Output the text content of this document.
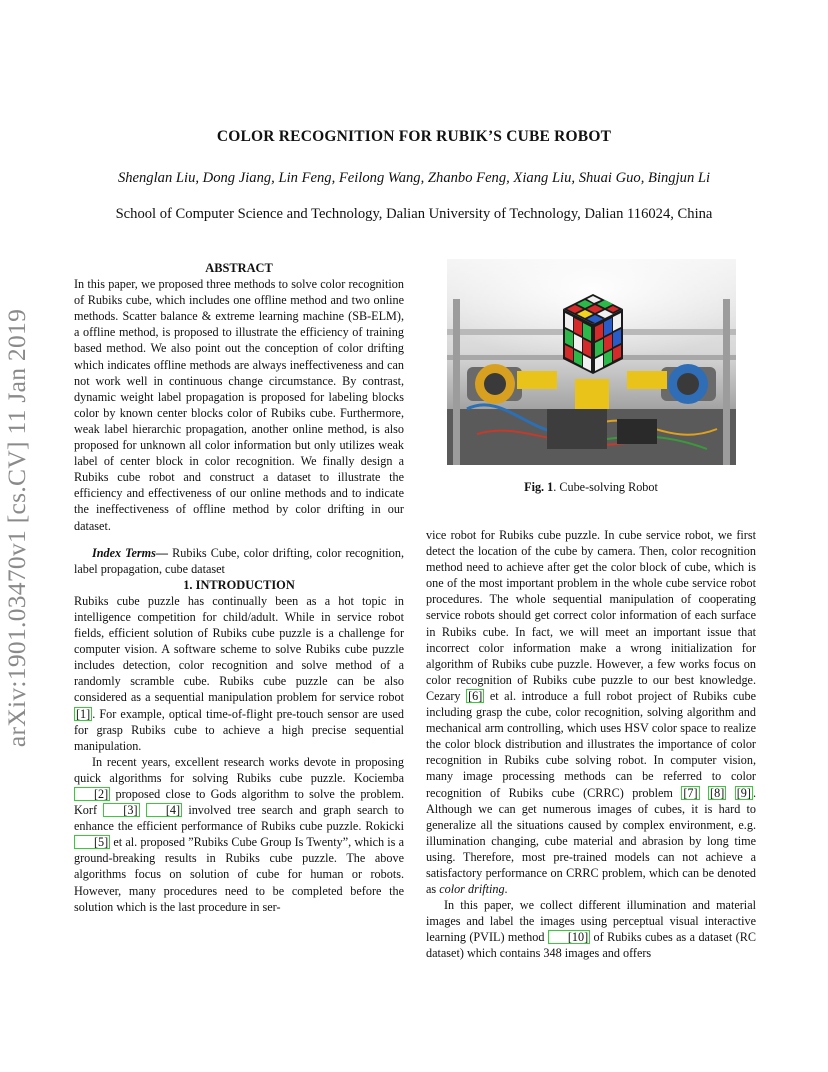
arXiv:1901.03470v1 [cs.CV] 11 Jan 2019
COLOR RECOGNITION FOR RUBIK’S CUBE ROBOT
Shenglan Liu, Dong Jiang, Lin Feng, Feilong Wang, Zhanbo Feng, Xiang Liu, Shuai Guo, Bingjun Li
School of Computer Science and Technology, Dalian University of Technology, Dalian 116024, China

ABSTRACT

In this paper, we proposed three methods to solve color recognition of Rubiks cube, which includes one offline method and two online methods. Scatter balance & extreme learning machine (SB-ELM), a offline method, is proposed to illustrate the efficiency of training based method. We also point out the conception of color drifting which indicates offline methods are always ineffectiveness and can not work well in continuous change circumstance. By contrast, dynamic weight label propagation is proposed for labeling blocks color by known center blocks color of Rubiks cube. Furthermore, weak label hierarchic propagation, another online method, is also proposed for unknown all color information but only utilizes weak label of center block in color recognition. We finally design a Rubiks cube robot and construct a dataset to illustrate the efficiency and effectiveness of our online methods and to indicate the ineffectiveness of offline method by color drifting in our dataset.

Index Terms— Rubiks Cube, color drifting, color recognition, label propagation, cube dataset

1. INTRODUCTION

Rubiks cube puzzle has continually been as a hot topic in intelligence competition for child/adult. While in service robot fields, efficient solution of Rubiks cube puzzle is a challenge for computer vision. A software scheme to solve Rubiks cube puzzle includes detection, color recognition and solve method of a randomly scramble cube. Rubiks cube puzzle can be also considered as a sequential manipulation problem for service robot [1] . For example, optical time-of-flight pre-touch sensor are used for grasp Rubiks cube to achieve a high precise sequential manipulation.

In recent years, excellent research works devote in proposing quick algorithms for solving Rubiks cube puzzle. Kociemba [2] proposed close to Gods algorithm to solve the problem. Korf [3] [4] involved tree search and graph search to enhance the efficient performance of Rubiks cube puzzle. Rokicki [5] et al. proposed ”Rubiks Cube Group Is Twenty”, which is a ground-breaking results in Rubiks cube puzzle. The above algorithms focus on solution of cube for human or robots. However, many procedures need to be completed before the solution which is the last procedure in ser-

Fig. 1. Cube-solving Robot

vice robot for Rubiks cube puzzle. In cube service robot, we first detect the location of the cube by camera. Then, color recognition method need to achieve after get the color block of cube, which is one of the most important problem in the whole cube service robot procedures. The whole sequential manipulation of cooperating service robots should get correct color information of each surface in Rubiks cube. In fact, we will meet an important issue that incorrect color information make a wrong initialization for algorithm of Rubiks cube puzzle. However, a few works focus on color recognition of Rubiks cube puzzle to our best knowledge. Cezary [6] et al. introduce a full robot project of Rubiks cube including grasp the cube, color recognition, solving algorithm and mechanical arm controlling, which uses HSV color space to realize the color block distribution and illustrates the importance of color recognition in Rubiks cube solving robot. In computer vision, many image processing methods can be referred to color recognition of Rubiks cube (CRRC) problem [7] [8] [9] . Although we can get numerous images of cubes, it is hard to generalize all the situations caused by complex environment, e.g. illumination changing, cube material and abrasion by long time using. Therefore, most pre-trained models can not achieve a satisfactory performance on CRRC problem, which can be denoted as color drifting.

In this paper, we collect different illumination and material images and label the images using perceptual visual interactive learning (PVIL) method [10] of Rubiks cubes as a dataset (RC dataset) which contains 348 images and offers
